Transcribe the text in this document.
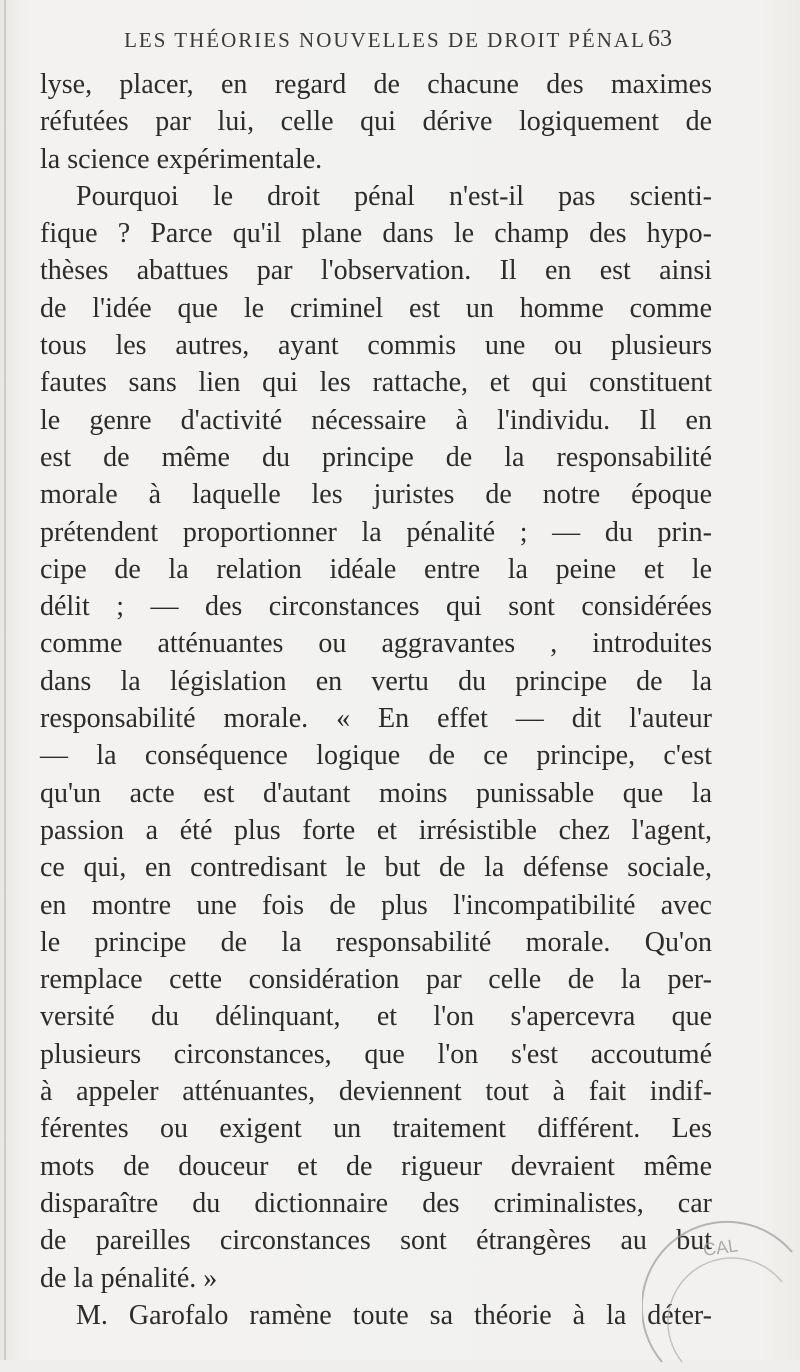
LES THÉORIES NOUVELLES DE DROIT PÉNAL 63
lyse, placer, en regard de chacune des maximes
réfutées par lui, celle qui dérive logiquement de
la science expérimentale.
Pourquoi le droit pénal n'est-il pas scienti-
fique ? Parce qu'il plane dans le champ des hypo-
thèses abattues par l'observation. Il en est ainsi
de l'idée que le criminel est un homme comme
tous les autres, ayant commis une ou plusieurs
fautes sans lien qui les rattache, et qui constituent
le genre d'activité nécessaire à l'individu. Il en
est de même du principe de la responsabilité
morale à laquelle les juristes de notre époque
prétendent proportionner la pénalité ; — du prin-
cipe de la relation idéale entre la peine et le
délit ; — des circonstances qui sont considérées
comme atténuantes ou aggravantes , introduites
dans la législation en vertu du principe de la
responsabilité morale. « En effet — dit l'auteur
— la conséquence logique de ce principe, c'est
qu'un acte est d'autant moins punissable que la
passion a été plus forte et irrésistible chez l'agent,
ce qui, en contredisant le but de la défense sociale,
en montre une fois de plus l'incompatibilité avec
le principe de la responsabilité morale. Qu'on
remplace cette considération par celle de la per-
versité du délinquant, et l'on s'apercevra que
plusieurs circonstances, que l'on s'est accoutumé
à appeler atténuantes, deviennent tout à fait indif-
férentes ou exigent un traitement différent. Les
mots de douceur et de rigueur devraient même
disparaître du dictionnaire des criminalistes, car
de pareilles circonstances sont étrangères au but
de la pénalité. »
M. Garofalo ramène toute sa théorie à la déter-
CAL
